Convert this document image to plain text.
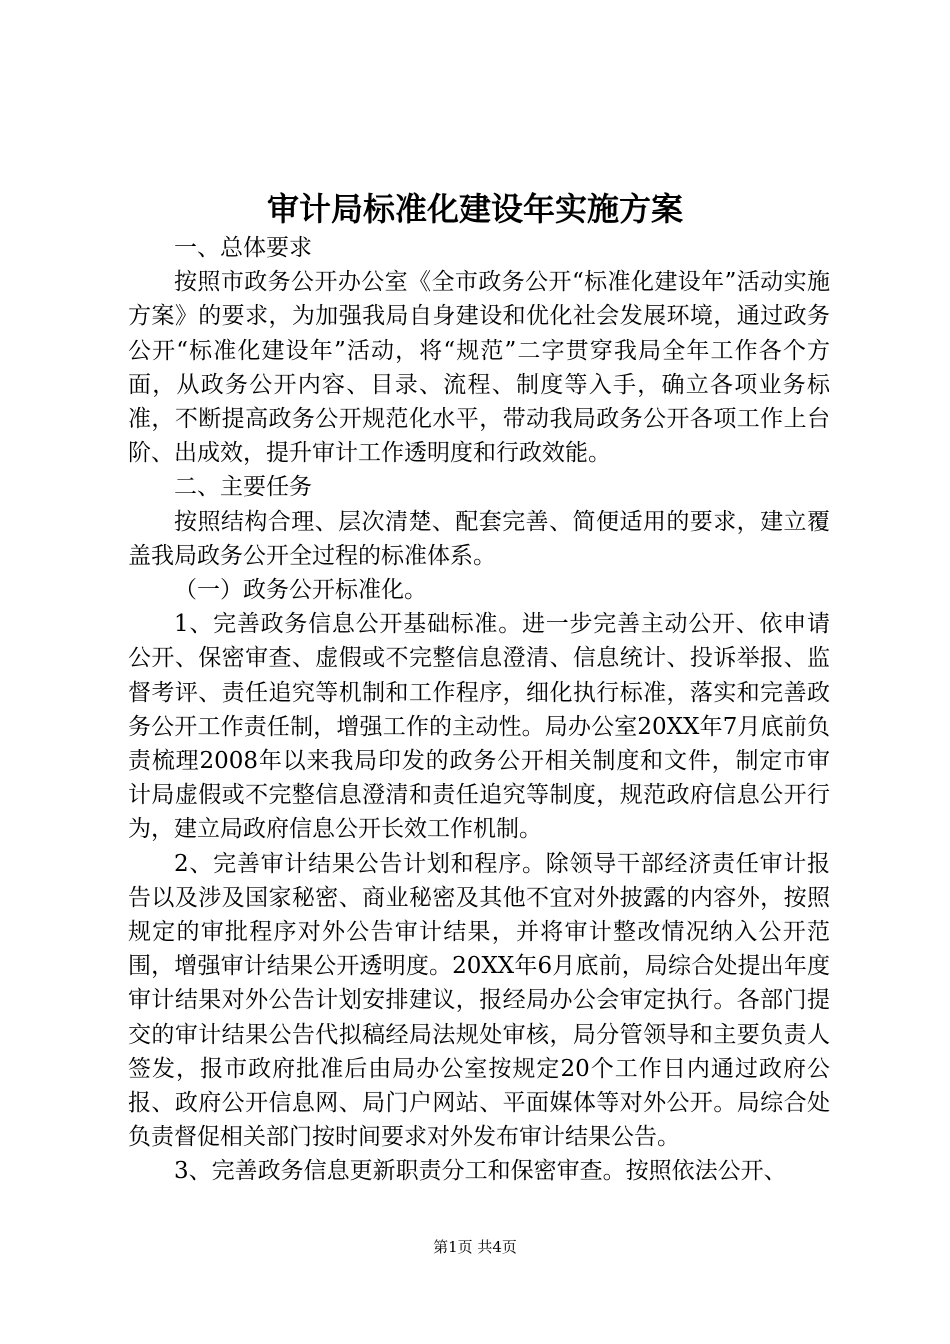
审计局标准化建设年实施方案

一、总体要求

按照市政务公开办公室《全市政务公开“标准化建设年”活动实施方案》的要求，为加强我局自身建设和优化社会发展环境，通过政务公开“标准化建设年”活动，将“规范”二字贯穿我局全年工作各个方面，从政务公开内容、目录、流程、制度等入手，确立各项业务标准，不断提高政务公开规范化水平，带动我局政务公开各项工作上台阶、出成效，提升审计工作透明度和行政效能。

二、主要任务

按照结构合理、层次清楚、配套完善、简便适用的要求，建立覆盖我局政务公开全过程的标准体系。

（一）政务公开标准化。

1、完善政务信息公开基础标准。进一步完善主动公开、依申请公开、保密审查、虚假或不完整信息澄清、信息统计、投诉举报、监督考评、责任追究等机制和工作程序，细化执行标准，落实和完善政务公开工作责任制，增强工作的主动性。局办公室20XX年7月底前负责梳理2008年以来我局印发的政务公开相关制度和文件，制定市审计局虚假或不完整信息澄清和责任追究等制度，规范政府信息公开行为，建立局政府信息公开长效工作机制。

2、完善审计结果公告计划和程序。除领导干部经济责任审计报告以及涉及国家秘密、商业秘密及其他不宜对外披露的内容外，按照规定的审批程序对外公告审计结果，并将审计整改情况纳入公开范围，增强审计结果公开透明度。20XX年6月底前，局综合处提出年度审计结果对外公告计划安排建议，报经局办公会审定执行。各部门提交的审计结果公告代拟稿经局法规处审核，局分管领导和主要负责人签发，报市政府批准后由局办公室按规定20个工作日内通过政府公报、政府公开信息网、局门户网站、平面媒体等对外公开。局综合处负责督促相关部门按时间要求对外发布审计结果公告。

3、完善政务信息更新职责分工和保密审查。按照依法公开、

第1页 共4页
